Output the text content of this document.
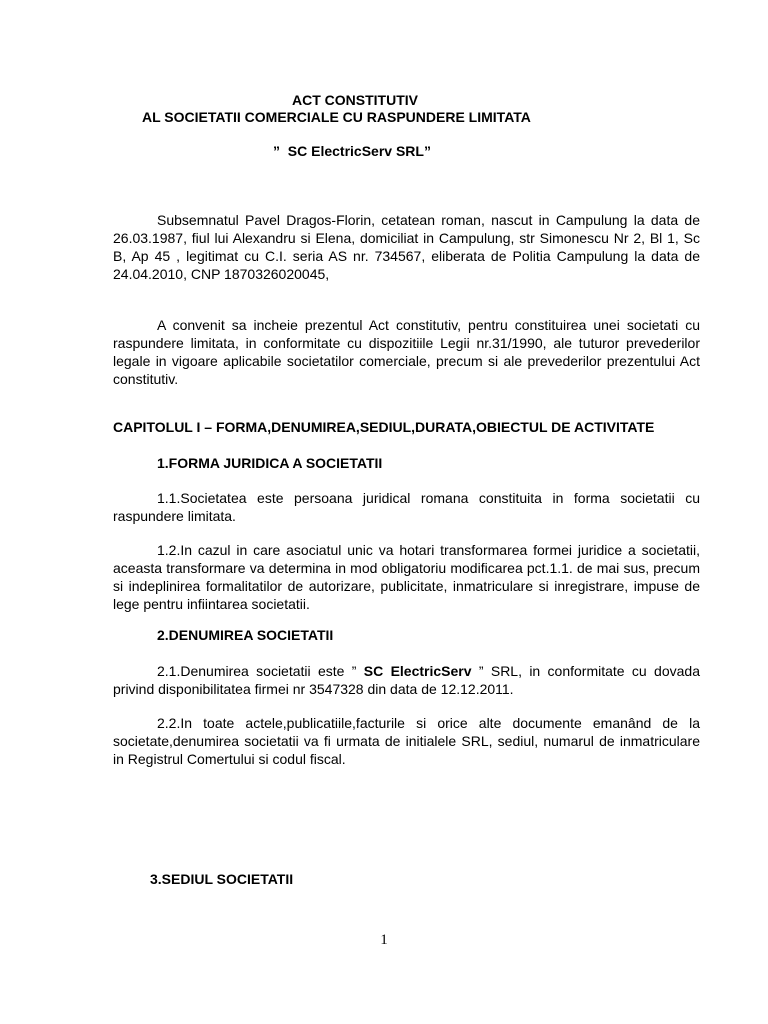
ACT CONSTITUTIV
AL SOCIETATII COMERCIALE CU RASPUNDERE LIMITATA
”  SC ElectricServ SRL”

Subsemnatul Pavel Dragos-Florin, cetatean roman, nascut in Campulung la data de 26.03.1987, fiul lui Alexandru si Elena, domiciliat in Campulung, str Simonescu Nr 2, Bl 1, Sc B, Ap 45 , legitimat cu C.I. seria AS nr. 734567, eliberata de Politia Campulung la data de 24.04.2010, CNP 1870326020045,

A convenit sa incheie prezentul Act constitutiv, pentru constituirea unei societati cu raspundere limitata, in conformitate cu dispozitiile Legii nr.31/1990, ale tuturor prevederilor legale in vigoare aplicabile societatilor comerciale, precum si ale prevederilor prezentului Act constitutiv.

CAPITOLUL I – FORMA,DENUMIREA,SEDIUL,DURATA,OBIECTUL DE ACTIVITATE
1.FORMA JURIDICA A SOCIETATII

1.1.Societatea este persoana juridical romana constituita in forma societatii cu raspundere limitata.

1.2.In cazul in care asociatul unic va hotari transformarea formei juridice a societatii, aceasta transformare va determina in mod obligatoriu modificarea pct.1.1. de mai sus, precum si indeplinirea formalitatilor de autorizare, publicitate, inmatriculare si inregistrare, impuse de lege pentru infiintarea societatii.

2.DENUMIREA SOCIETATII

2.1.Denumirea societatii este ” SC ElectricServ ” SRL, in conformitate cu dovada privind disponibilitatea firmei nr 3547328 din data de 12.12.2011.

2.2.In toate actele,publicatiile,facturile si orice alte documente emanând de la societate,denumirea societatii va fi urmata de initialele SRL, sediul, numarul de inmatriculare in Registrul Comertului si codul fiscal.

3.SEDIUL SOCIETATII
1
